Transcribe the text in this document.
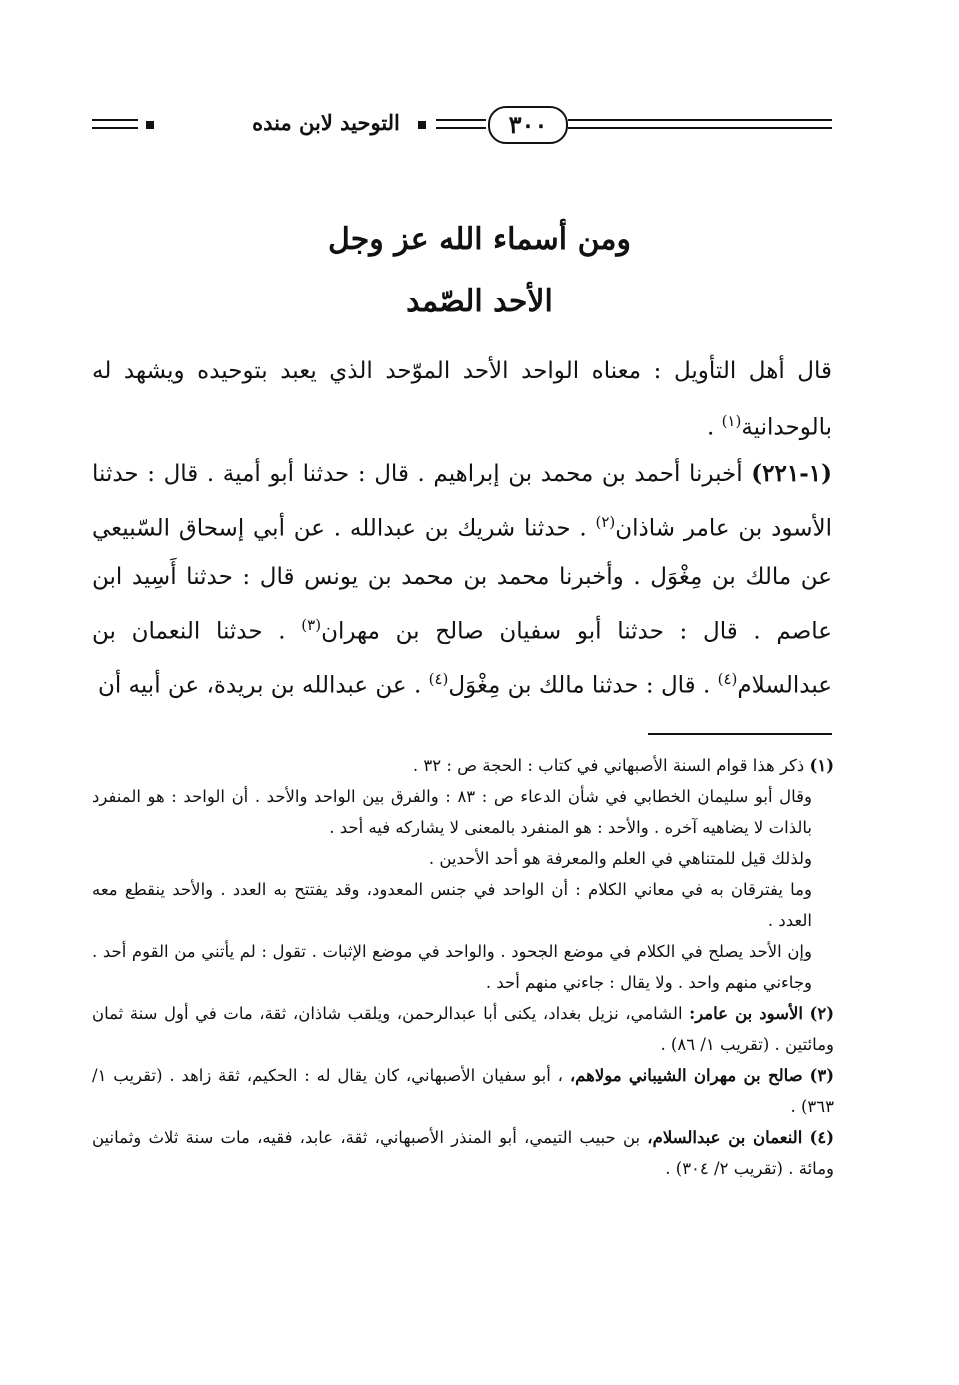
التوحيد لابن منده	٣٠٠
ومن أسماء الله عز وجل
الأحد الصّمد

قال أهل التأويل : معناه الواحد الأحد الموّحد الذي يعبد بتوحيده ويشهد له بالوحدانية$^{(١)}$ .

(١-٢٢١) أخبرنا أحمد بن محمد بن إبراهيم . قال : حدثنا أبو أمية . قال : حدثنا الأسود بن عامر شاذان$^{(٢)}$ . حدثنا شريك بن عبدالله . عن أبي إسحاق السّبيعي عن مالك بن مِغْوَل . وأخبرنا محمد بن محمد بن يونس قال : حدثنا أَسِيد ابن عاصم . قال : حدثنا أبو سفيان صالح بن مهران$^{(٣)}$ . حدثنا النعمان بن عبدالسلام$^{(٤)}$ . قال : حدثنا مالك بن مِغْوَل$^{(٤)}$ . عن عبدالله بن بريدة، عن أبيه أن

(١) ذكر هذا قوام السنة الأصبهاني في كتاب : الحجة ص : ٣٢ .

وقال أبو سليمان الخطابي في شأن الدعاء ص : ٨٣ : والفرق بين الواحد والأحد . أن الواحد : هو المنفرد بالذات لا يضاهيه آخره . والأحد : هو المنفرد بالمعنى لا يشاركه فيه أحد .

ولذلك قيل للمتناهي في العلم والمعرفة هو أحد الأحدين .

وما يفترقان به في معاني الكلام : أن الواحد في جنس المعدود، وقد يفتتح به العدد . والأحد ينقطع معه العدد .

وإن الأحد يصلح في الكلام في موضع الجحود . والواحد في موضع الإثبات . تقول : لم يأتني من القوم أحد . وجاءني منهم واحد . ولا يقال : جاءني منهم أحد .

(٢) الأسود بن عامر: الشامي، نزيل بغداد، يكنى أبا عبدالرحمن، ويلقب شاذان، ثقة، مات في أول سنة ثمان ومائتين . (تقريب ١/ ٨٦) .

(٣) صالح بن مهران الشيباني مولاهم، ، أبو سفيان الأصبهاني، كان يقال له : الحكيم، ثقة زاهد . (تقريب ١/ ٣٦٣) .

(٤) النعمان بن عبدالسلام، بن حبيب التيمي، أبو المنذر الأصبهاني، ثقة، عابد، فقيه، مات سنة ثلاث وثمانين ومائة . (تقريب ٢/ ٣٠٤) .
